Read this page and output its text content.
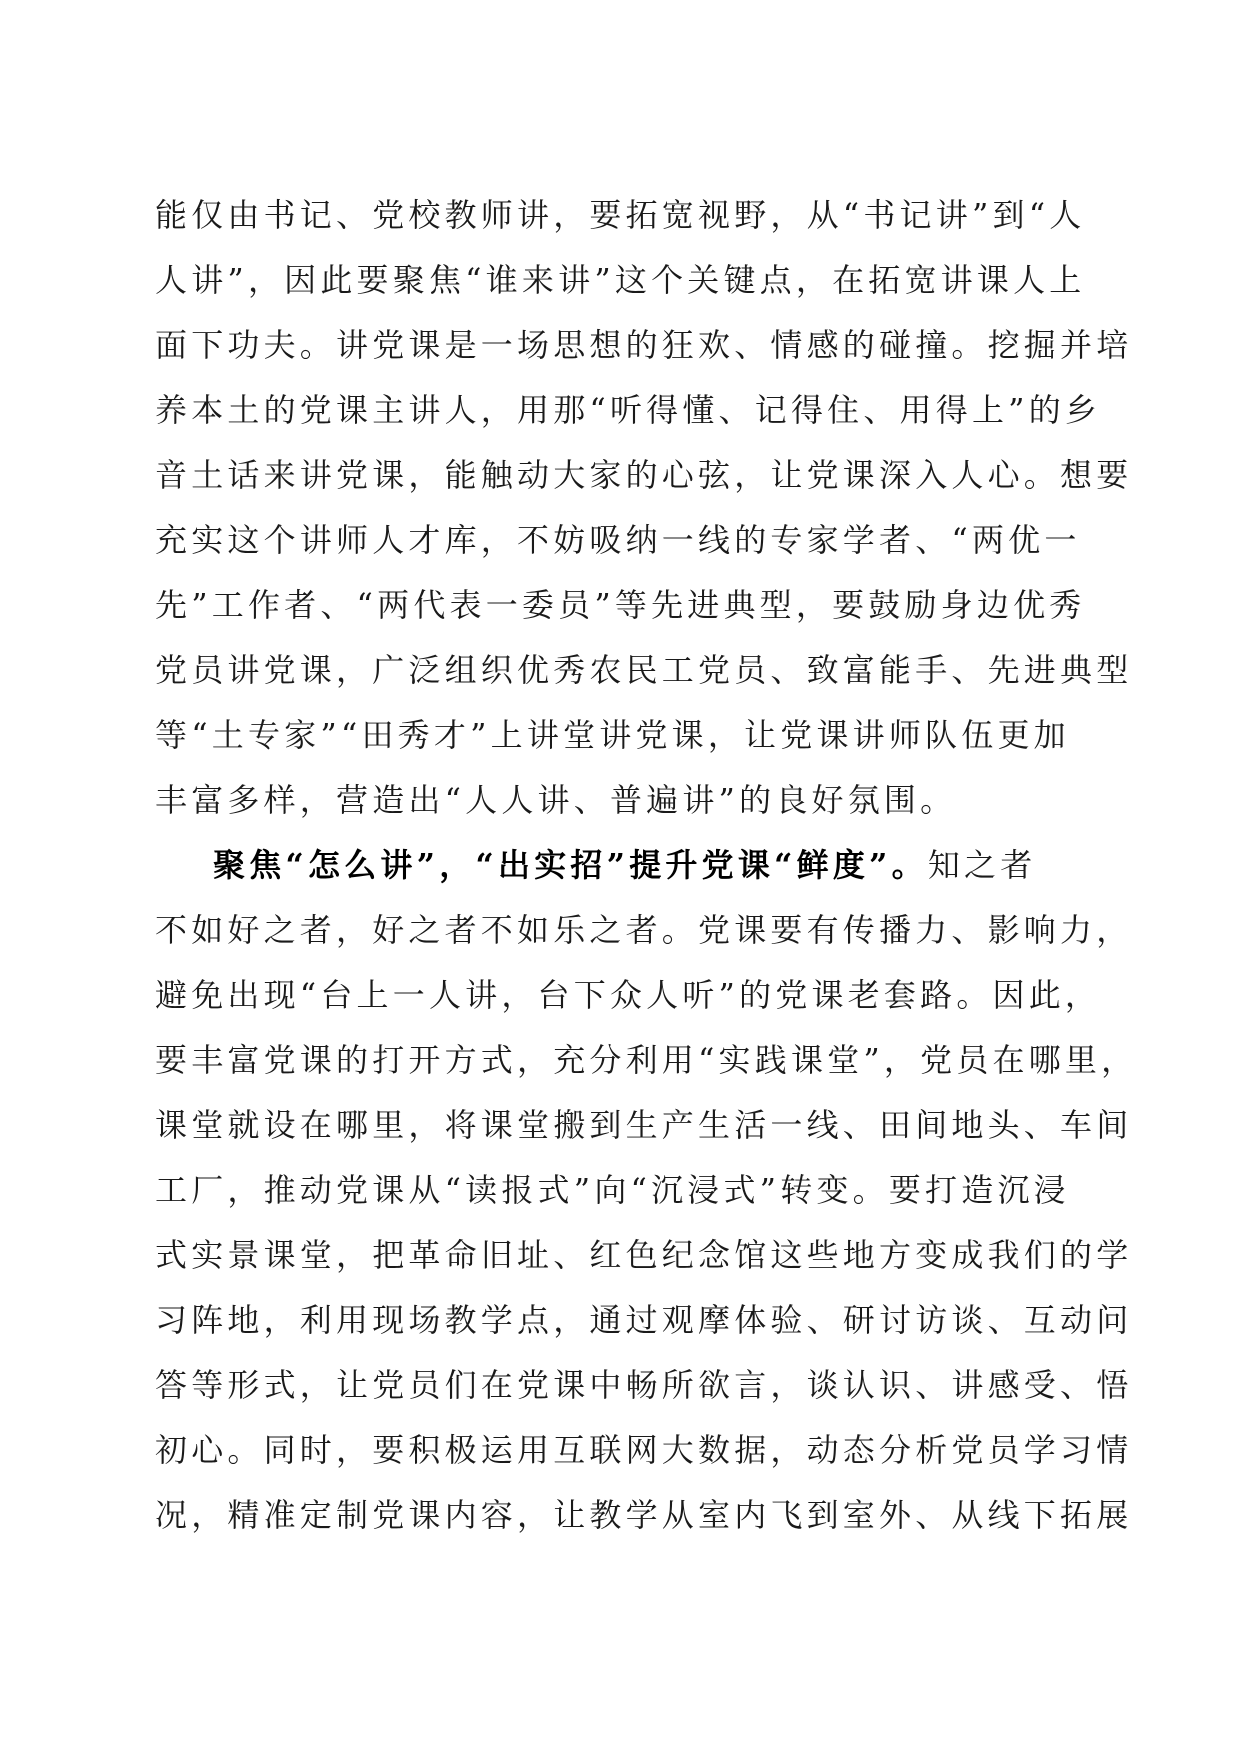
能仅由书记、党校教师讲，要拓宽视野，从“书记讲”到“人
人讲”，因此要聚焦“谁来讲”这个关键点，在拓宽讲课人上
面下功夫。讲党课是一场思想的狂欢、情感的碰撞。挖掘并培
养本土的党课主讲人，用那“听得懂、记得住、用得上”的乡
音土话来讲党课，能触动大家的心弦，让党课深入人心。想要
充实这个讲师人才库，不妨吸纳一线的专家学者、“两优一
先”工作者、“两代表一委员”等先进典型，要鼓励身边优秀
党员讲党课，广泛组织优秀农民工党员、致富能手、先进典型
等“土专家”“田秀才”上讲堂讲党课，让党课讲师队伍更加
丰富多样，营造出“人人讲、普遍讲”的良好氛围。
聚焦“怎么讲”，“出实招”提升党课“鲜度”。知之者
不如好之者，好之者不如乐之者。党课要有传播力、影响力，
避免出现“台上一人讲，台下众人听”的党课老套路。因此，
要丰富党课的打开方式，充分利用“实践课堂”，党员在哪里，
课堂就设在哪里，将课堂搬到生产生活一线、田间地头、车间
工厂，推动党课从“读报式”向“沉浸式”转变。要打造沉浸
式实景课堂，把革命旧址、红色纪念馆这些地方变成我们的学
习阵地，利用现场教学点，通过观摩体验、研讨访谈、互动问
答等形式，让党员们在党课中畅所欲言，谈认识、讲感受、悟
初心。同时，要积极运用互联网大数据，动态分析党员学习情
况，精准定制党课内容，让教学从室内飞到室外、从线下拓展
